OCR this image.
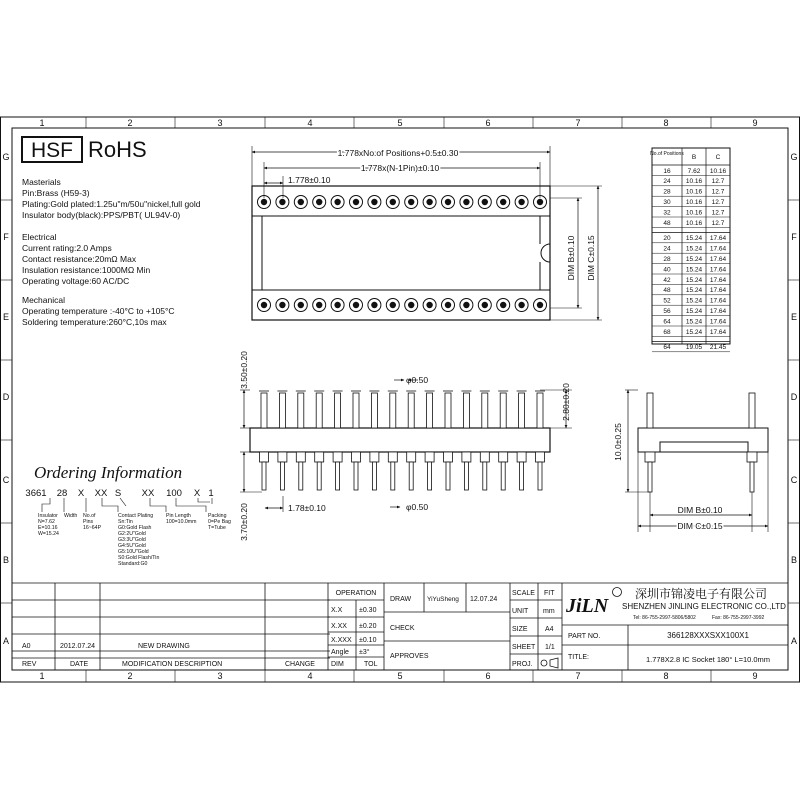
1
1
2
2
3
3
4
4
5
5
6
6
7
7
8
8
9
9
G	G
F	F
E	E
D	D
C	C
B	B
A	A
HSF RoHS
Masterials
Pin:Brass (H59-3)
Plating:Gold plated:1.25u"m/50u"nickel,full gold
Insulator body(black):PPS/PBT( UL94V-0)
Electrical
Current rating:2.0 Amps
Contact resistance:20mΩ Max
Insulation resistance:1000MΩ Min
Operating voltage:60 AC/DC
Mechanical
Operating temperature :-40°C to +105°C
Soldering temperature:260°C,10s max
1.778xNo.of Positions+0.5±0.30
1.778x(N-1Pin)±0.10
1.778±0.10
DIM B±0.10 DIM C±0.15
No.of Positions B	C
16	7.62 10.16
24 10.16 12.7
28 10.16 12.7
30 10.16 12.7
32 10.16 12.7
48 10.16 12.7
20 15.24 17.64
24 15.24 17.64
28 15.24 17.64
40 15.24 17.64
42 15.24 17.64
48 15.24 17.64
52 15.24 17.64
56 15.24 17.64
64 15.24 17.64
68 15.24 17.64
64 19.05 21.45
3.50±0.20
3.70±0.20
2.80±0.20
φ0.50
1.78±0.10	φ0.50
10.0±0.25
DIM B±0.10
DIM C±0.15
Ordering Information
3661 28 X XX S XX 100 X 1
Insulator
N=7.62
E=10.16
W=15.24
Width No.of
Pins
16~64P
Contact Plating
Sn:Tin
G0:Gold Flash
G2:2U"Gold
G3:3U"Gold
G4:5U"Gold
G5:10U"Gold
S0:Gold Flash/Tin
Standard:G0
Pin Length
100=10.0mm
Packing
0=Pe Bag
T=Tube
A0	2012.07.24	NEW DRAWING
REV	DATE	MODIFICATION DESCRIPTION	CHANGE
OPERATION
X.X ±0.30
X.XX ±0.20
X.XXX ±0.10
Angle ±3°
DIM	TOL
DRAW YiYuSheng 12.07.24
CHECK
APPROVES
SCALE FIT
UNIT mm
SIZE A4
SHEET 1/1
PROJ.
JiLN
深圳市锦凌电子有限公司
SHENZHEN JINLING ELECTRONIC CO.,LTD
Tel: 86-755-2997-5806/5802	Fax: 86-755-2997-3992
PART NO.	366128XXXSXX100X1
TITLE:	1.778X2.8 IC Socket 180° L=10.0mm
